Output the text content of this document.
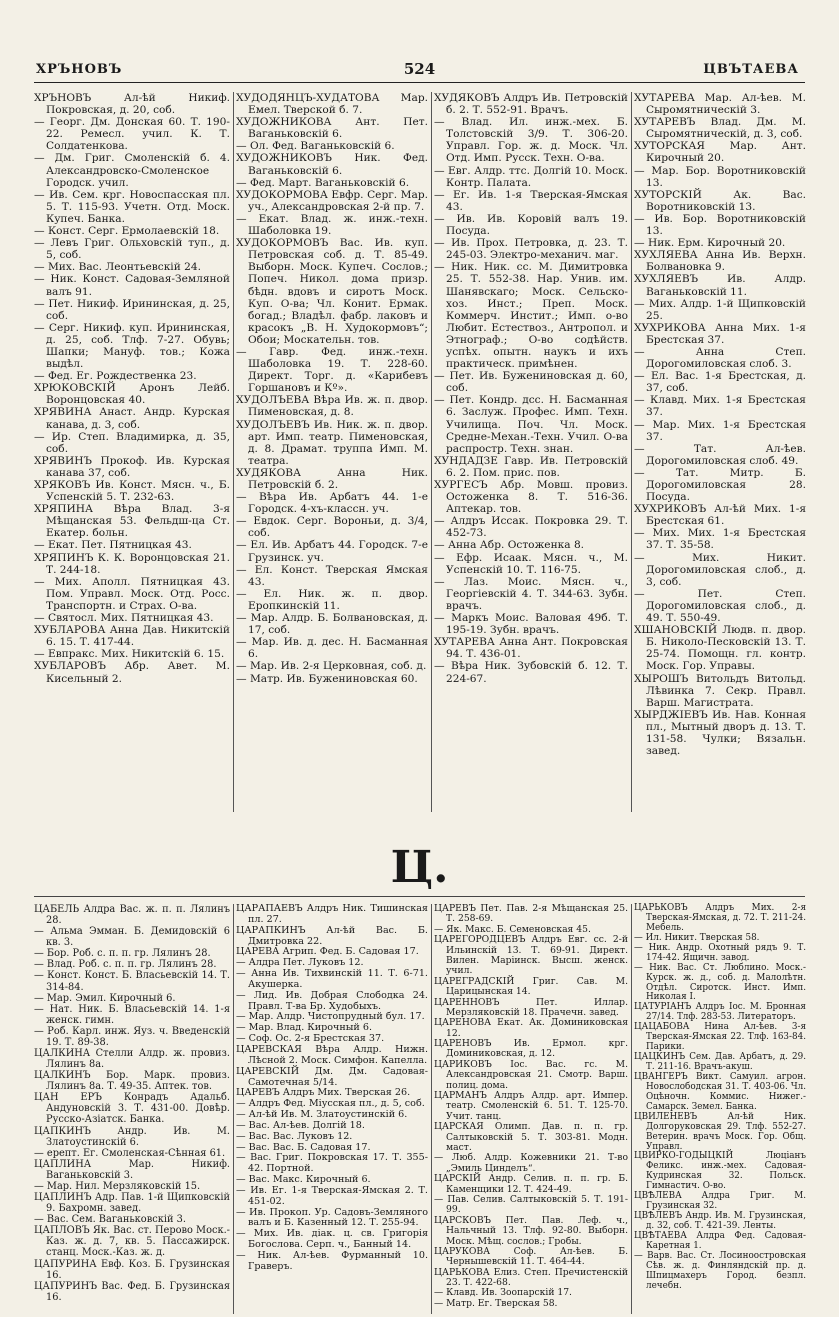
ХРЪНОВЪ	524	ЦВЪТАЕВА

ХРЪНОВЪ Ал-ѣй Никиф. Покровская, д. 20, соб.

— Георг. Дм. Донская 60. Т. 190-22. Ремесл. учил. К. Т. Солдатенкова.

— Дм. Григ. Смоленскій б. 4. Александровско-Смоленское Городск. учил.

— Ив. Сем. крг. Новоспасская пл. 5. Т. 115-93. Учетн. Отд. Моск. Купеч. Банка.

— Конст. Серг. Ермолаевскій 18.

— Левъ Григ. Ольховскій туп., д. 5, соб.

— Мих. Вас. Леонтьевскій 24.

— Ник. Конст. Садовая-Земляной валъ 91.

— Пет. Никиф. Ирининская, д. 25, соб.

— Серг. Никиф. куп. Ирининская, д. 25, соб. Тлф. 7-27. Обувь; Шапки; Мануф. тов.; Кожа выдѣл.

— Фед. Ег. Рождественка 23.

ХРЮКОВСКІЙ Аронъ Лейб. Воронцовская 40.

ХРЯВИНА Анаст. Андр. Курская канава, д. 3, соб.

— Ир. Степ. Владимирка, д. 35, соб.

ХРЯВИНЪ Прокоф. Ив. Курская канава 37, соб.

ХРЯКОВЪ Ив. Конст. Мясн. ч., Б. Успенскій 5. Т. 232-63.

ХРЯПИНА Вѣра Влад. 3-я Мѣщанская 53. Фельдш-ца Ст. Екатер. больн.

— Екат. Пет. Пятницкая 43.

ХРЯПИНЪ К. К. Воронцовская 21. Т. 244-18.

— Мих. Аполл. Пятницкая 43. Пом. Управл. Моск. Отд. Росс. Транспортн. и Страх. О-ва.

— Святосл. Мих. Пятницкая 43.

ХУБЛАРОВА Анна Дав. Никитскій 6. 15. Т. 417-44.

— Евпракс. Мих. Никитскій 6. 15.

ХУБЛАРОВЪ Абр. Авет. М. Кисельный 2.

ХУДОДЯНЦЪ-ХУДАТОВА Мар. Емел. Тверской б. 7.

ХУДОЖНИКОВА Ант. Пет. Ваганьковскій 6.

— Ол. Фед. Ваганьковскій 6.

ХУДОЖНИКОВЪ Ник. Фед. Ваганьковскій 6.

— Фед. Март. Ваганьковскій 6.

ХУДОКОРМОВА Евфр. Серг. Мар. уч., Александровская 2-й пр. 7.

— Екат. Влад. ж. инж.-техн. Шаболовка 19.

ХУДОКОРМОВЪ Вас. Ив. куп. Петровская соб. д. Т. 85-49. Выборн. Моск. Купеч. Сослов.; Попеч. Никол. дома призр. бѣдн. вдовъ и сиротъ Моск. Куп. О-ва; Чл. Конит. Ермак. богад.; Владѣл. фабр. лаковъ и красокъ „В. Н. Худокормовъ“; Обои; Москательн. тов.

— Гавр. Фед. инж.-техн. Шаболовка 19. Т. 228-60. Директ. Торг. д. «Карибевъ Горшановъ и Кº».

ХУДОЛЪЕВА Вѣра Ив. ж. п. двор. Пименовская, д. 8.

ХУДОЛЪЕВЪ Ив. Ник. ж. п. двор. арт. Имп. театр. Пименовская, д. 8. Драмат. труппа Имп. М. театра.

ХУДЯКОВА Анна Ник. Петровскій б. 2.

— Вѣра Ив. Арбатъ 44. 1-е Городск. 4-хъ-классн. уч.

— Евдок. Серг. Вороньи, д. 3/4, соб.

— Ел. Ив. Арбатъ 44. Городск. 7-е Грузинск. уч.

— Ел. Конст. Тверская Ямская 43.

— Ел. Ник. ж. п. двор. Еропкинскій 11.

— Мар. Алдр. Б. Болвановская, д. 17, соб.

— Мар. Ив. д. дес. Н. Басманная 6.

— Мар. Ив. 2-я Церковная, соб. д.

— Матр. Ив. Бужениновская 60.

ХУДЯКОВЪ Алдръ Ив. Петровскій б. 2. Т. 552-91. Врачъ.

— Влад. Ил. инж.-мех. Б. Толстовскій 3/9. Т. 306-20. Управл. Гор. ж. д. Моск. Чл. Отд. Имп. Русск. Техн. О-ва.

— Евг. Алдр. ттс. Долгій 10. Моск. Контр. Палата.

— Ег. Ив. 1-я Тверская-Ямская 43.

— Ив. Ив. Коровій валъ 19. Посуда.

— Ив. Прох. Петровка, д. 23. Т. 245-03. Электро-механич. маг.

— Ник. Ник. сс. М. Димитровка 25. Т. 552-38. Нар. Унив. им. Шанявскаго; Моск. Сельско-хоз. Инст.; Преп. Моск. Коммерч. Инстит.; Имп. о-во Любит. Естествоз., Антропол. и Этнограф.; О-во содѣйств. успѣх. опытн. наукъ и ихъ практическ. примѣнен.

— Пет. Ив. Бужениновская д. 60, соб.

— Пет. Кондр. дсс. Н. Басманная 6. Заслуж. Профес. Имп. Техн. Училища. Поч. Чл. Моск. Средне-Механ.-Техн. Учил. О-ва распростр. Техн. знан.

ХУНДАДЗЕ Гавр. Ив. Петровскій 6. 2. Пом. прис. пов.

ХУРГЕСЪ Абр. Мовш. провиз. Остоженка 8. Т. 516-36. Аптекар. тов.

— Алдръ Иссак. Покровка 29. Т. 452-73.

— Анна Абр. Остоженка 8.

— Ефр. Исаак. Мясн. ч., М. Успенскій 10. Т. 116-75.

— Лаз. Моис. Мясн. ч., Георгіевскій 4. Т. 344-63. Зубн. врачъ.

— Маркъ Моис. Валовая 49б. Т. 195-19. Зубн. врачъ.

ХУТАРЕВА Анна Ант. Покровская 94. Т. 436-01.

— Вѣра Ник. Зубовскій б. 12. Т. 224-67.

ХУТАРЕВА Мар. Ал-ѣев. М. Сыромятническій 3.

ХУТАРЕВЪ Влад. Дм. М. Сыромятническій, д. 3, соб.

ХУТОРСКАЯ Мар. Ант. Кирочный 20.

— Мар. Бор. Воротниковскій 13.

ХУТОРСКІЙ Ак. Вас. Воротниковскій 13.

— Ив. Бор. Воротниковскій 13.

— Ник. Ерм. Кирочный 20.

ХУХЛЯЕВА Анна Ив. Верхн. Болвановка 9.

ХУХЛЯЕВЪ Ив. Алдр. Ваганьковскій 11.

— Мих. Алдр. 1-й Щипковскій 25.

ХУХРИКОВА Анна Мих. 1-я Брестская 37.

— Анна Степ. Дорогомиловская слоб. 3.

— Ел. Вас. 1-я Брестская, д. 37, соб.

— Клавд. Мих. 1-я Брестская 37.

— Мар. Мих. 1-я Брестская 37.

— Тат. Ал-ѣев. Дорогомиловская слоб. 49.

— Тат. Митр. Б. Дорогомиловская 28. Посуда.

ХУХРИКОВЪ Ал-ѣй Мих. 1-я Брестская 61.

— Мих. Мих. 1-я Брестская 37. Т. 35-58.

— Мих. Никит. Дорогомиловская слоб., д. 3, соб.

— Пет. Степ. Дорогомиловская слоб., д. 49. Т. 550-49.

ХШАНОВСКІЙ Людв. п. двор. Б. Николо-Песковскій 13. Т. 25-74. Помощн. гл. контр. Моск. Гор. Управы.

ХЫРОШЪ Витольдъ Витольд. Лѣвинка 7. Секр. Правл. Варш. Магистрата.

ХЫРДЖІЕВЪ Ив. Нав. Конная пл., Мытный дворъ д. 13. Т. 131-58. Чулки; Вязальн. завед.

Ц.

ЦАБЕЛЬ Алдра Вас. ж. п. п. Лялинъ 28.

— Альма Эмман. Б. Демидовскій 6 кв. 3.

— Бор. Роб. с. п. п. гр. Лялинъ 28.

— Влад. Роб. с. п. п. гр. Лялинъ 28.

— Конст. Конст. Б. Власьевскій 14. Т. 314-84.

— Мар. Эмил. Кирочный 6.

— Нат. Ник. Б. Власьевскій 14. 1-я женск. гимн.

— Роб. Карл. инж. Яуз. ч. Введенскій 19. Т. 89-38.

ЦАЛКИНА Стелли Алдр. ж. провиз. Лялинъ 8а.

ЦАЛКИНЪ Бор. Марк. провиз. Лялинъ 8а. Т. 49-35. Аптек. тов.

ЦАН ЕРЪ Конрадъ Адальб. Андуновскій 3. Т. 431-00. Довѣр. Русско-Азіатск. Банка.

ЦАПКИНЪ Андр. Ив. М. Златоустинскій 6.

— ерепт. Ег. Смоленская-Сѣнная 61.

ЦАПЛИНА Мар. Никиф. Ваганьковскій 3.

— Мар. Нил. Мерзляковскій 15.

ЦАПЛИНЪ Адр. Пав. 1-й Щипковскій 9. Бахромн. завед.

— Вас. Сем. Ваганьковскій 3.

ЦАПЛОВЪ Як. Вас. ст. Перово Моск.-Каз. ж. д. 7, кв. 5. Пассажирск. станц. Моск.-Каз. ж. д.

ЦАПУРИНА Евф. Коз. Б. Грузинская 16.

ЦАПУРИНЪ Вас. Фед. Б. Грузинская 16.

ЦАРАПАЕВЪ Алдръ Ник. Тишинская пл. 27.

ЦАРАПКИНЪ Ал-ѣй Вас. Б. Дмитровка 22.

ЦАРЕВА Агрип. Фед. Б. Садовая 17.

— Алдра Пет. Луковъ 12.

— Анна Ив. Тихвинскій 11. Т. 6-71. Акушерка.

— Лид. Ив. Добрая Слободка 24. Правл. Т-ва Бр. Худобыхъ.

— Мар. Алдр. Чистопрудный бул. 17.

— Мар. Влад. Кирочный 6.

— Соф. Ос. 2-я Брестская 37.

ЦАРЕВСКАЯ Вѣра Алдр. Нижн. Лѣсной 2. Моск. Симфон. Капелла.

ЦАРЕВСКІЙ Дм. Дм. Садовая-Самотечная 5/14.

ЦАРЕВЪ Алдръ Мих. Тверская 26.

— Алдръ Фед. Міусская пл., д. 5, соб.

— Ал-ѣй Ив. М. Златоустинскій 6.

— Вас. Ал-ѣев. Долгій 18.

— Вас. Вас. Луковъ 12.

— Вас. Вас. Б. Садовая 17.

— Вас. Григ. Покровская 17. Т. 355-42. Портной.

— Вас. Макс. Кирочный 6.

— Ив. Ег. 1-я Тверская-Ямская 2. Т. 451-02.

— Ив. Прокоп. Ур. Садовъ-Земляного валъ и Б. Казенный 12. Т. 255-94.

— Мих. Ив. діак. ц. св. Григорія Богослова. Серп. ч., Банный 14.

— Ник. Ал-ѣев. Фурманный 10. Граверъ.

ЦАРЕВЪ Пет. Пав. 2-я Мѣщанская 25. Т. 258-69.

— Як. Макс. Б. Семеновская 45.

ЦАРЕГОРОДЦЕВЪ Алдръ Евг. сс. 2-й Ильинскій 13. Т. 69-91. Директ. Вилен. Маріинск. Высш. женск. учил.

ЦАРЕГРАДСКІЙ Григ. Сав. М. Царицынская 14.

ЦАРЕННОВЪ Пет. Иллар. Мерзляковскій 18. Прачечн. завед.

ЦАРЕНОВА Екат. Ак. Доминиковская 12.

ЦАРЕНОВЪ Ив. Ермол. крг. Доминиковская, д. 12.

ЦАРИКОВЪ Іос. Вас. гс. М. Александровская 21. Смотр. Варш. полиц. дома.

ЦАРМАНЪ Алдръ Алдр. арт. Импер. театр. Смоленскій 6. 51. Т. 125-70. Учит. танц.

ЦАРСКАЯ Олимп. Дав. п. п. гр. Салтыковскій 5. Т. 303-81. Модн. маст.

— Люб. Алдр. Кожевники 21. Т-во „Эмиль Цинделъ“.

ЦАРСКІЙ Андр. Селив. п. п. гр. Б. Каменщики 12. Т. 424-49.

— Пав. Селив. Салтыковскій 5. Т. 191-99.

ЦАРСКОВЪ Пет. Пав. Леф. ч., Нальчный 13. Тлф. 92-80. Выборн. Моск. Мѣщ. сослов.; Гробы.

ЦАРУКОВА Соф. Ал-ѣев. Б. Чернышевскій 11. Т. 464-44.

ЦАРЬКОВА Елиз. Степ. Пречистенскій 23. Т. 422-68.

— Клавд. Ив. Зоопарскій 17.

— Матр. Ег. Тверская 58.

ЦАРЬКОВЪ Алдръ Мих. 2-я Тверская-Ямская, д. 72. Т. 211-24. Мебель.

— Ил. Никит. Тверская 58.

— Ник. Андр. Охотный рядъ 9. Т. 174-42. Ящичн. завод.

— Ник. Вас. Ст. Люблино. Моск.-Курск. ж. д., соб. д. Малолѣтн. Отдѣл. Сиротск. Инст. Имп. Николая I.

ЦАТУРІАНЪ Алдръ Іос. М. Бронная 27/14. Тлф. 283-53. Литераторъ.

ЦАЦАБОВА Нина Ал-ѣев. 3-я Тверская-Ямская 22. Тлф. 163-84. Парики.

ЦАЦКИНЪ Сем. Дав. Арбатъ, д. 29. Т. 211-16. Врачъ-акуш.

ЦВАНГЕРЪ Викт. Самуил. агрон. Новослободская 31. Т. 403-06. Чл. Оцѣночн. Коммис. Нижег.-Самарск. Земел. Банка.

ЦВИЛЕНЕВЪ Ал-ѣй Ник. Долгоруковская 29. Тлф. 552-27. Ветерин. врачъ Моск. Гор. Общ. Управл.

ЦВИРКО-ГОДЫЦКІЙ Люціанъ Феликс. инж.-мех. Садовая-Кудринская 32. Польск. Гимнастич. О-во.

ЦВѢЛЕВА Алдра Григ. М. Грузинская 32.

ЦВѢЛЕВЪ Андр. Ив. М. Грузинская, д. 32, соб. Т. 421-39. Ленты.

ЦВѢТАЕВА Алдра Фед. Садовая-Каретная 1.

— Варв. Вас. Ст. Лосиноостровская Сѣв. ж. д. Финляндскій пр. д. Шпицмахеръ Город. безпл. лечебн.
